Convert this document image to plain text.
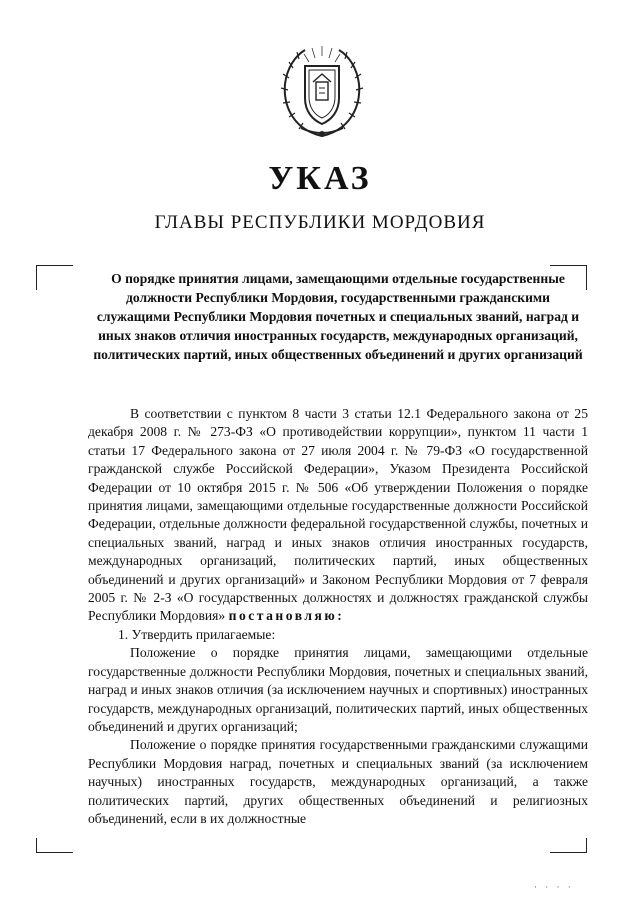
УКАЗ
ГЛАВЫ РЕСПУБЛИКИ МОРДОВИЯ
О порядке принятия лицами, замещающими отдельные государственные должности Республики Мордовия, государственными гражданскими служащими Республики Мордовия почетных и специальных званий, наград и иных знаков отличия иностранных государств, международных организаций, политических партий, иных общественных объединений и других организаций

В соответствии с пунктом 8 части 3 статьи 12.1 Федерального закона от 25 декабря 2008 г. № 273-ФЗ «О противодействии коррупции», пунктом 11 части 1 статьи 17 Федерального закона от 27 июля 2004 г. № 79-ФЗ «О государственной гражданской службе Российской Федерации», Указом Президента Российской Федерации от 10 октября 2015 г. № 506 «Об утверждении Положения о порядке принятия лицами, замещающими отдельные государственные должности Российской Федерации, отдельные должности федеральной государственной службы, почетных и специальных званий, наград и иных знаков отличия иностранных государств, международных организаций, политических партий, иных общественных объединений и других организаций» и Законом Республики Мордовия от 7 февраля 2005 г. № 2-З «О государственных должностях и должностях гражданской службы Республики Мордовия» постановляю:

1. Утвердить прилагаемые:

Положение о порядке принятия лицами, замещающими отдельные государственные должности Республики Мордовия, почетных и специальных званий, наград и иных знаков отличия (за исключением научных и спортивных) иностранных государств, международных организаций, политических партий, иных общественных объединений и других организаций;

Положение о порядке принятия государственными гражданскими служащими Республики Мордовия наград, почетных и специальных званий (за исключением научных) иностранных государств, международных организаций, а также политических партий, других общественных объединений и религиозных объединений, если в их должностные

· · · ·
